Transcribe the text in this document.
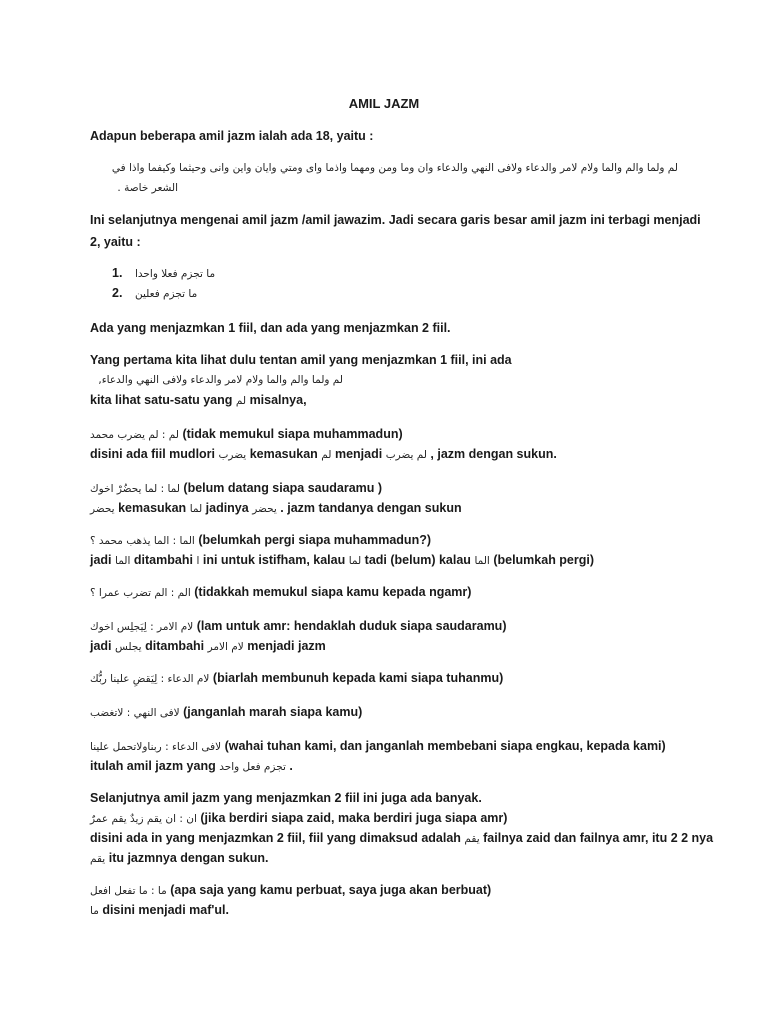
AMIL JAZM
Adapun beberapa amil jazm ialah ada 18, yaitu :
لم ولما والم والما ولام لامر والدعاء ولافى النهي والدعاء وان وما ومن ومهما واذما واى ومتي وايان واين وانى وحيثما وكيفما واذا في
الشعر خاصة .
Ini selanjutnya mengenai amil jazm /amil jawazim. Jadi secara garis besar amil jazm ini terbagi menjadi
2, yaitu :
1. ما تجزم فعلا واحدا
2. ما تجزم فعلين
Ada yang menjazmkan 1 fiil, dan ada yang menjazmkan 2 fiil.
Yang pertama kita lihat dulu tentan amil yang menjazmkan 1 fiil, ini ada
لم ولما والم والما ولام لامر والدعاء ولافى النهي والدعاء,
kita lihat satu-satu yang لم misalnya,
لم : لم يضرب محمد (tidak memukul siapa muhammadun)
disini ada fiil mudlori يضرب kemasukan لم menjadi لم يضرب , jazm dengan sukun.
لما : لما يحضُرْ اخوك (belum datang siapa saudaramu )
يحضر kemasukan لما jadinya يحضر . jazm tandanya dengan sukun
الما : الما يذهب محمد ؟ (belumkah pergi siapa muhammadun?)
jadi الما ditambahi ا ini untuk istifham, kalau لما tadi (belum) kalau الما (belumkah pergi)
الم : الم تضرب عمرا ؟ (tidakkah memukul siapa kamu kepada ngamr)
لام الامر : لِيَجلِس اخوك (lam untuk amr: hendaklah duduk siapa saudaramu)
jadi يجلس ditambahi لام الامر menjadi jazm
لام الدعاء : لِيَقضِ علينا ربُّك (biarlah membunuh kepada kami siapa tuhanmu)
لافى النهي : لاتغضب (janganlah marah siapa kamu)
لافى الدعاء : ربناولاتحمل علينا (wahai tuhan kami, dan janganlah membebani siapa engkau, kepada kami)
itulah amil jazm yang تجزم فعل واحد .
Selanjutnya amil jazm yang menjazmkan 2 fiil ini juga ada banyak.
ان : ان يقم زيدٌ يقم عمرٌ (jika berdiri siapa zaid, maka berdiri juga siapa amr)
disini ada in yang menjazmkan 2 fiil, fiil yang dimaksud adalah يقم failnya zaid dan failnya amr, itu 2 2 nya
يقم itu jazmnya dengan sukun.
ما : ما تفعل افعل (apa saja yang kamu perbuat, saya juga akan berbuat)
ما disini menjadi maf'ul.
